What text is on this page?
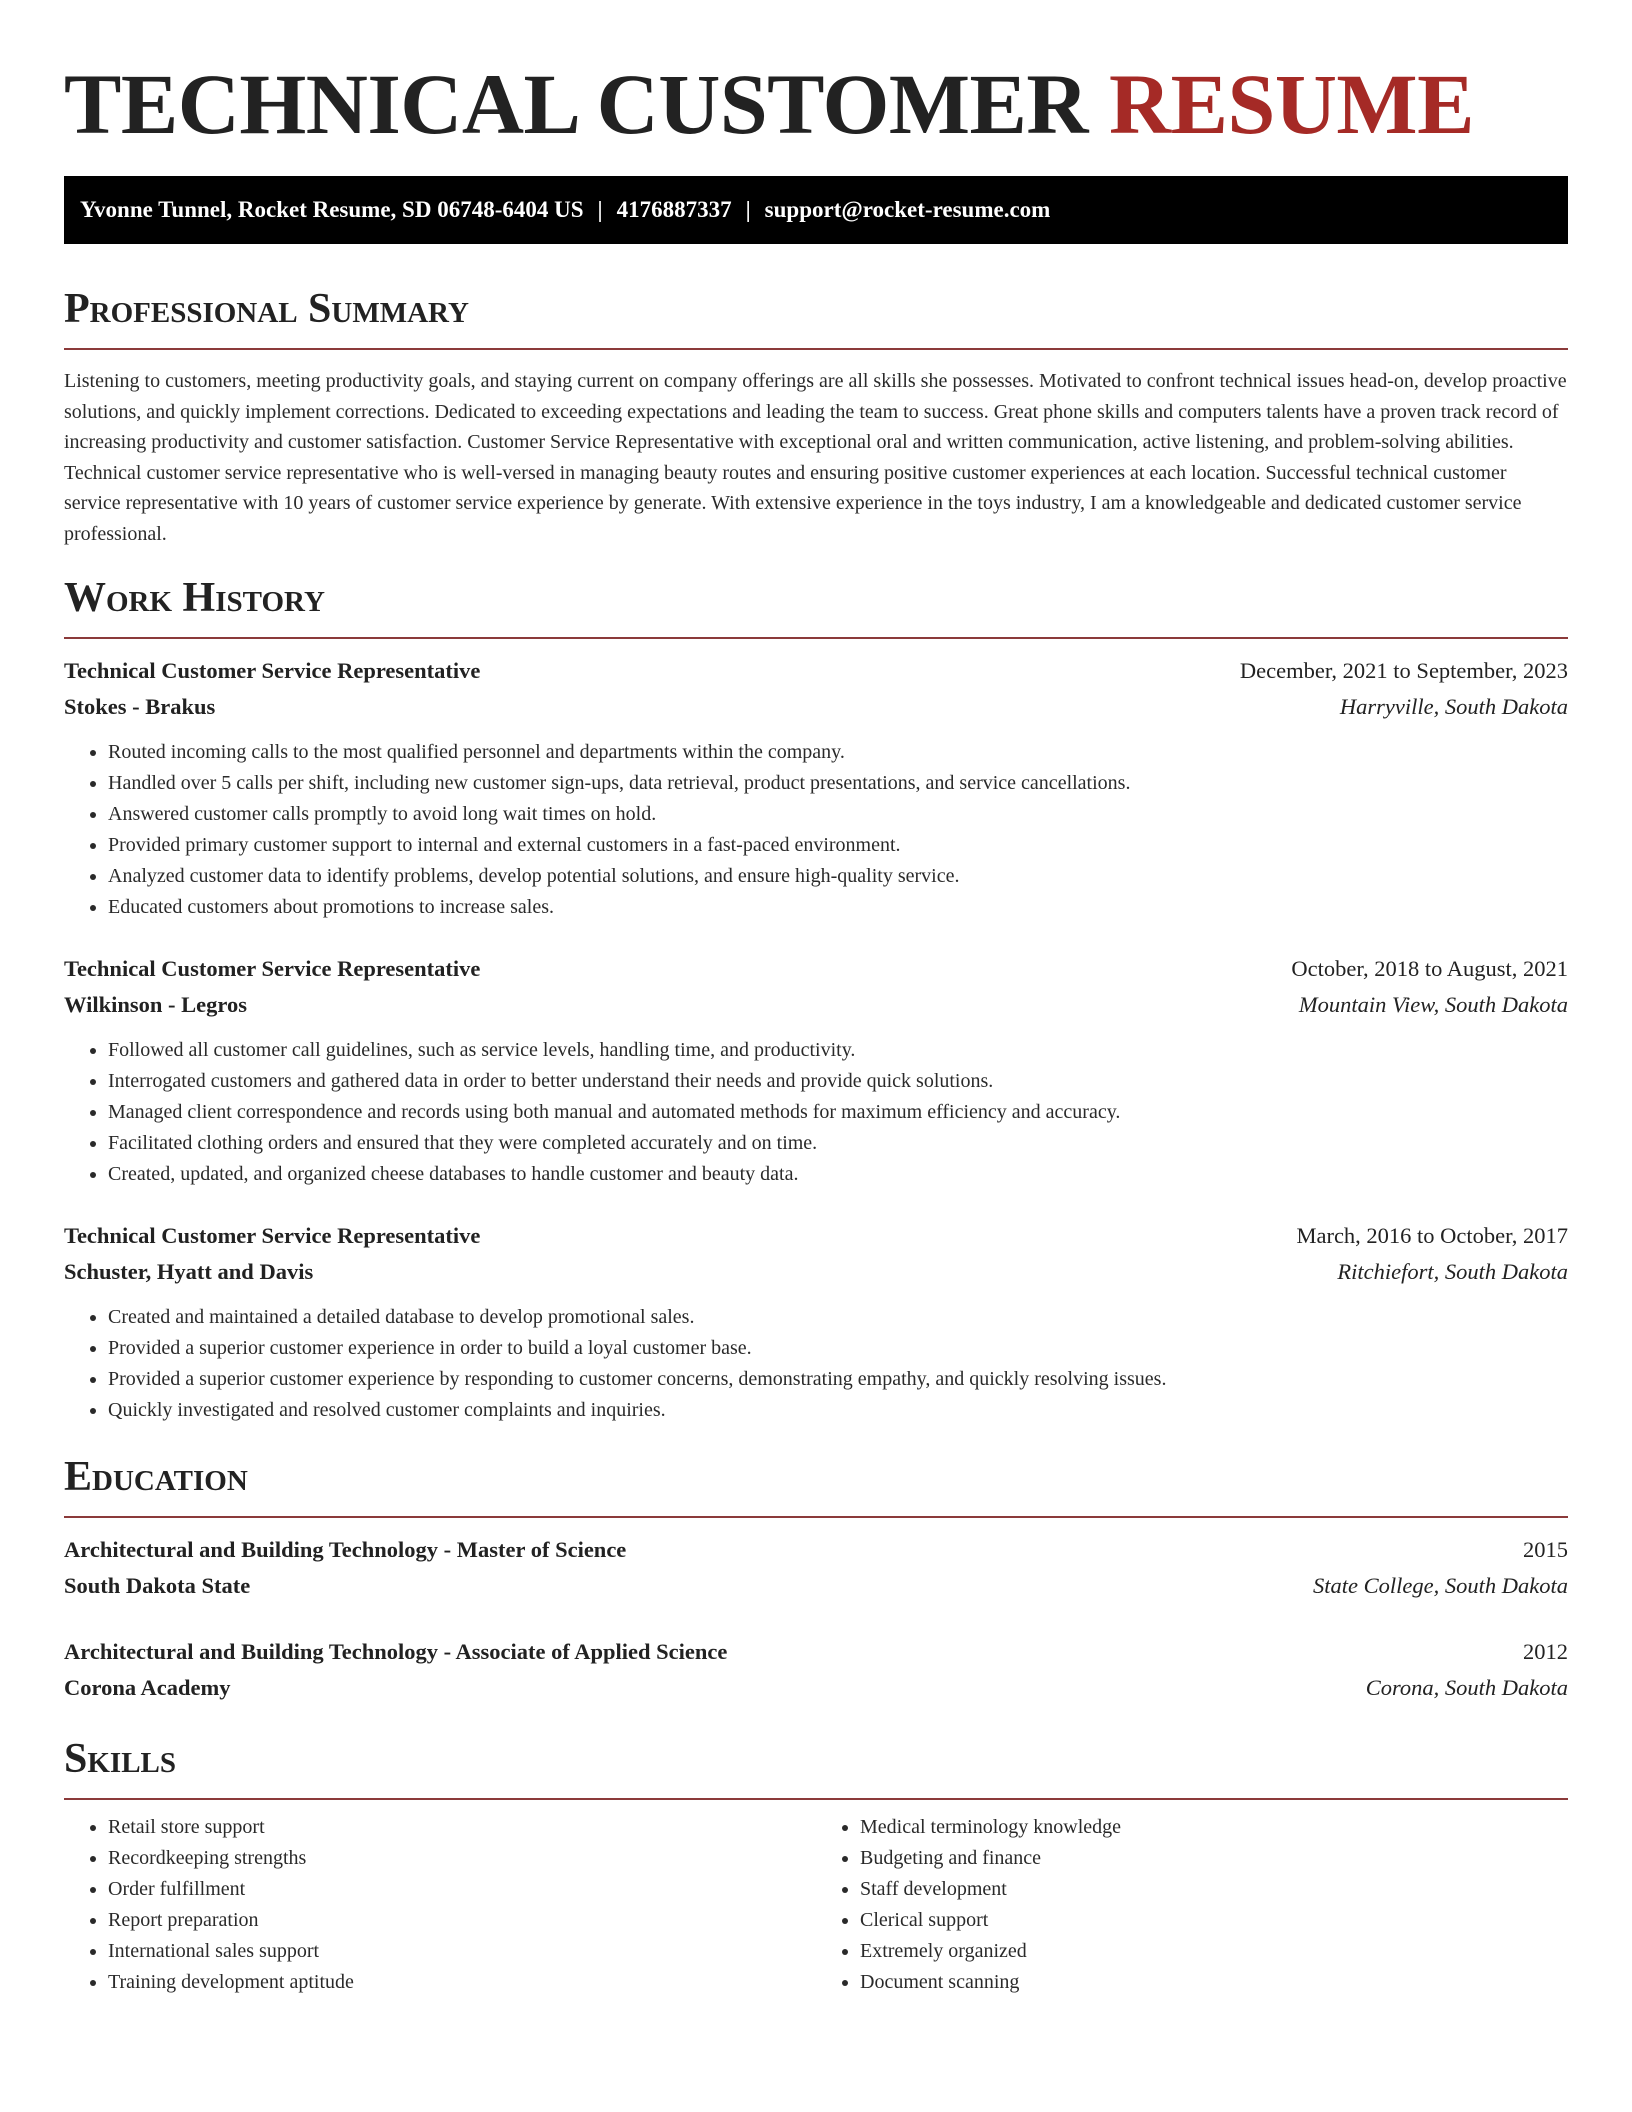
TECHNICAL CUSTOMER RESUME
Yvonne Tunnel, Rocket Resume, SD 06748-6404 US | 4176887337 | support@rocket-resume.com
Professional Summary

Listening to customers, meeting productivity goals, and staying current on company offerings are all skills she possesses. Motivated to confront technical issues head-on, develop proactive solutions, and quickly implement corrections. Dedicated to exceeding expectations and leading the team to success. Great phone skills and computers talents have a proven track record of increasing productivity and customer satisfaction. Customer Service Representative with exceptional oral and written communication, active listening, and problem-solving abilities. Technical customer service representative who is well-versed in managing beauty routes and ensuring positive customer experiences at each location. Successful technical customer service representative with 10 years of customer service experience by generate. With extensive experience in the toys industry, I am a knowledgeable and dedicated customer service professional.

Work History
Technical Customer Service Representative	December, 2021 to September, 2023
Stokes - Brakus	Harryville, South Dakota
• Routed incoming calls to the most qualified personnel and departments within the company.
• Handled over 5 calls per shift, including new customer sign-ups, data retrieval, product presentations, and service cancellations.
• Answered customer calls promptly to avoid long wait times on hold.
• Provided primary customer support to internal and external customers in a fast-paced environment.
• Analyzed customer data to identify problems, develop potential solutions, and ensure high-quality service.
• Educated customers about promotions to increase sales.
Technical Customer Service Representative	October, 2018 to August, 2021
Wilkinson - Legros	Mountain View, South Dakota
• Followed all customer call guidelines, such as service levels, handling time, and productivity.
• Interrogated customers and gathered data in order to better understand their needs and provide quick solutions.
• Managed client correspondence and records using both manual and automated methods for maximum efficiency and accuracy.
• Facilitated clothing orders and ensured that they were completed accurately and on time.
• Created, updated, and organized cheese databases to handle customer and beauty data.
Technical Customer Service Representative	March, 2016 to October, 2017
Schuster, Hyatt and Davis	Ritchiefort, South Dakota
• Created and maintained a detailed database to develop promotional sales.
• Provided a superior customer experience in order to build a loyal customer base.
• Provided a superior customer experience by responding to customer concerns, demonstrating empathy, and quickly resolving issues.
• Quickly investigated and resolved customer complaints and inquiries.
Education
Architectural and Building Technology - Master of Science	2015
South Dakota State	State College, South Dakota
Architectural and Building Technology - Associate of Applied Science	2012
Corona Academy	Corona, South Dakota
Skills
• Retail store support
• Recordkeeping strengths
• Order fulfillment
• Report preparation
• International sales support
• Training development aptitude
• Medical terminology knowledge
• Budgeting and finance
• Staff development
• Clerical support
• Extremely organized
• Document scanning
